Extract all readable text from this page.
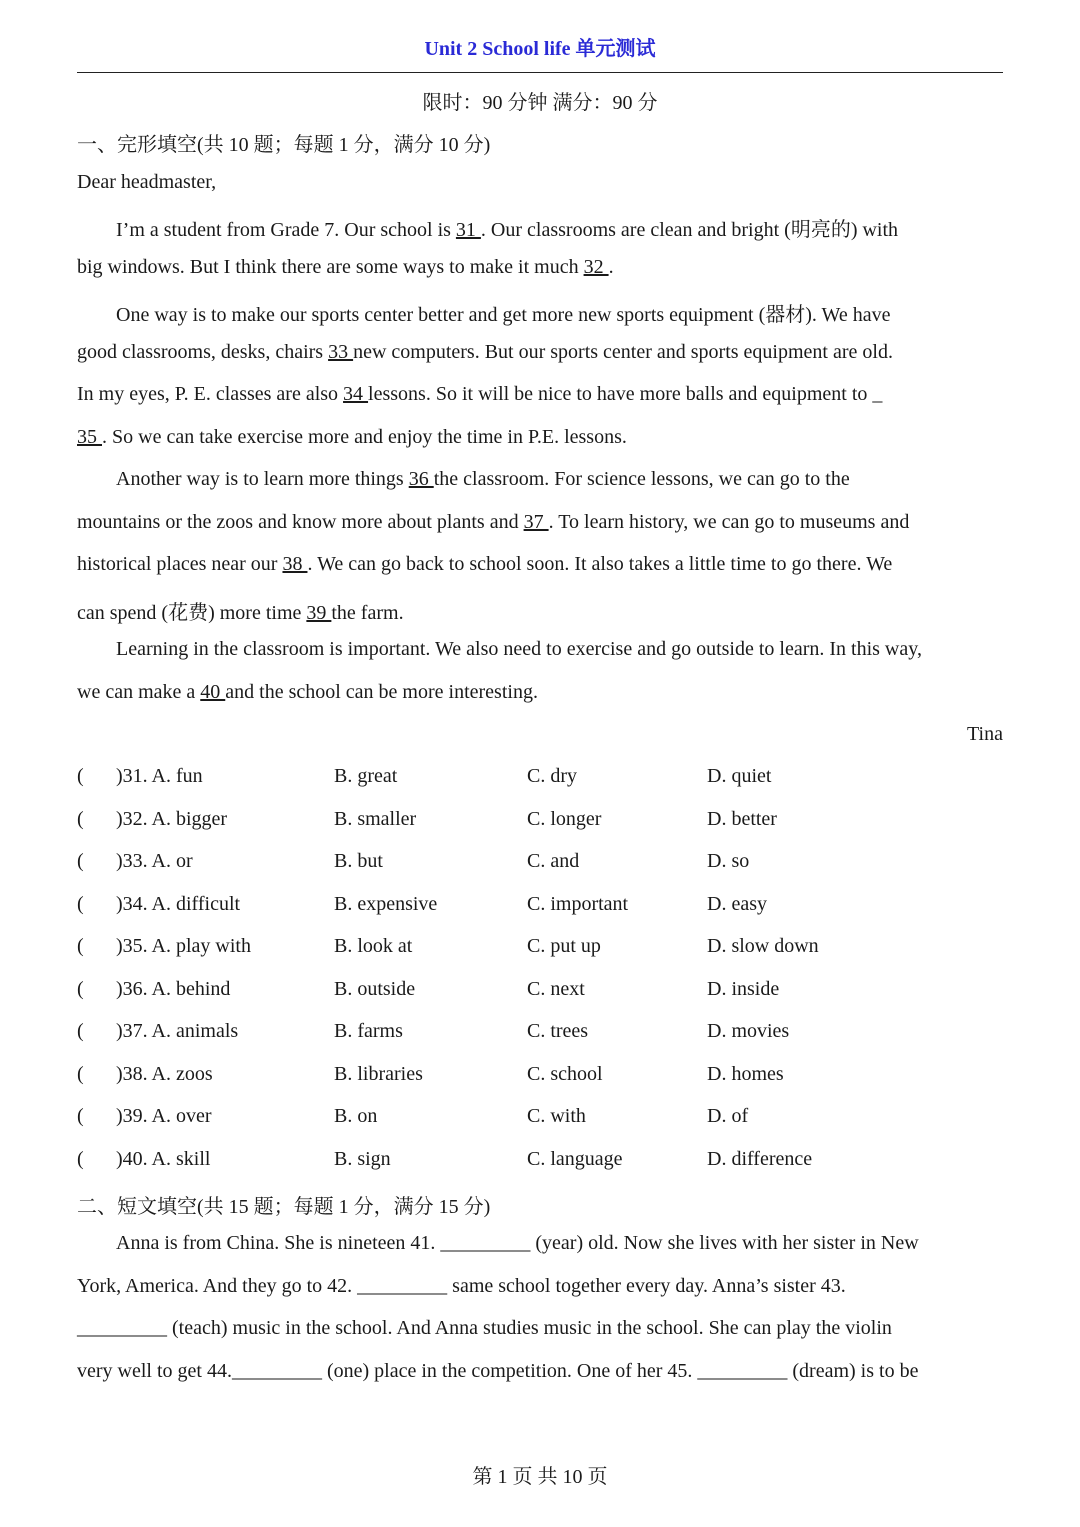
Unit 2 School life 单元测试
限时：90 分钟 满分：90 分
一、完形填空(共 10 题；每题 1 分，满分 10 分)
Dear headmaster,
I’m a student from Grade 7. Our school is 31 . Our classrooms are clean and bright (明亮的) with
big windows. But I think there are some ways to make it much 32 .
One way is to make our sports center better and get more new sports equipment (器材). We have
good classrooms, desks, chairs 33 new computers. But our sports center and sports equipment are old.
In my eyes, P. E. classes are also 34 lessons. So it will be nice to have more balls and equipment to _
35 . So we can take exercise more and enjoy the time in P.E. lessons.
Another way is to learn more things 36 the classroom. For science lessons, we can go to the
mountains or the zoos and know more about plants and 37 . To learn history, we can go to museums and
historical places near our 38 . We can go back to school soon. It also takes a little time to go there. We
can spend (花费) more time 39 the farm.
Learning in the classroom is important. We also need to exercise and go outside to learn. In this way,
we can make a 40 and the school can be more interesting.
Tina
( )31. A. fun	B. great	C. dry	D. quiet
( )32. A. bigger	B. smaller	C. longer	D. better
( )33. A. or	B. but	C. and	D. so
( )34. A. difficult	B. expensive	C. important	D. easy
( )35. A. play with	B. look at	C. put up	D. slow down
( )36. A. behind	B. outside	C. next	D. inside
( )37. A. animals	B. farms	C. trees	D. movies
( )38. A. zoos	B. libraries	C. school	D. homes
( )39. A. over	B. on	C. with	D. of
( )40. A. skill	B. sign	C. language	D. difference
二、短文填空(共 15 题；每题 1 分，满分 15 分)
Anna is from China. She is nineteen 41. _________ (year) old. Now she lives with her sister in New
York, America. And they go to 42. _________ same school together every day. Anna’s sister 43.
_________ (teach) music in the school. And Anna studies music in the school. She can play the violin
very well to get 44._________ (one) place in the competition. One of her 45. _________ (dream) is to be
第 1 页 共 10 页
